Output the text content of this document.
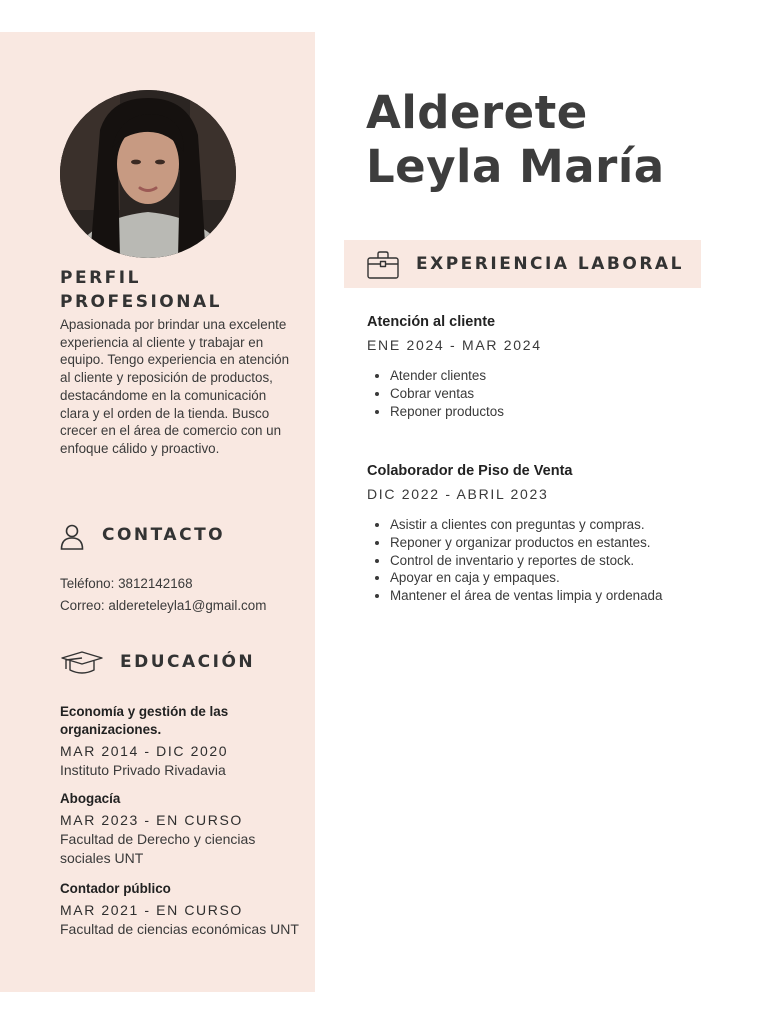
PERFIL PROFESIONAL
Apasionada por brindar una excelente experiencia al cliente y trabajar en equipo. Tengo experiencia en atención al cliente y reposición de productos, destacándome en la comunicación clara y el orden de la tienda. Busco crecer en el área de comercio con un enfoque cálido y proactivo.
CONTACTO
Teléfono: 3812142168
Correo: aldereteleyla1@gmail.com
EDUCACIÓN
Economía y gestión de las organizaciones.
MAR 2014 - DIC 2020
Instituto Privado Rivadavia
Abogacía
MAR 2023 - EN CURSO
Facultad de Derecho y ciencias sociales UNT
Contador público
MAR 2021 - EN CURSO
Facultad de ciencias económicas UNT
Alderete
Leyla María
EXPERIENCIA LABORAL
Atención al cliente
ENE 2024 - MAR 2024
• Atender clientes
• Cobrar ventas
• Reponer productos
Colaborador de Piso de Venta
DIC 2022 - ABRIL 2023
• Asistir a clientes con preguntas y compras.
• Reponer y organizar productos en estantes.
• Control de inventario y reportes de stock.
• Apoyar en caja y empaques.
• Mantener el área de ventas limpia y ordenada
